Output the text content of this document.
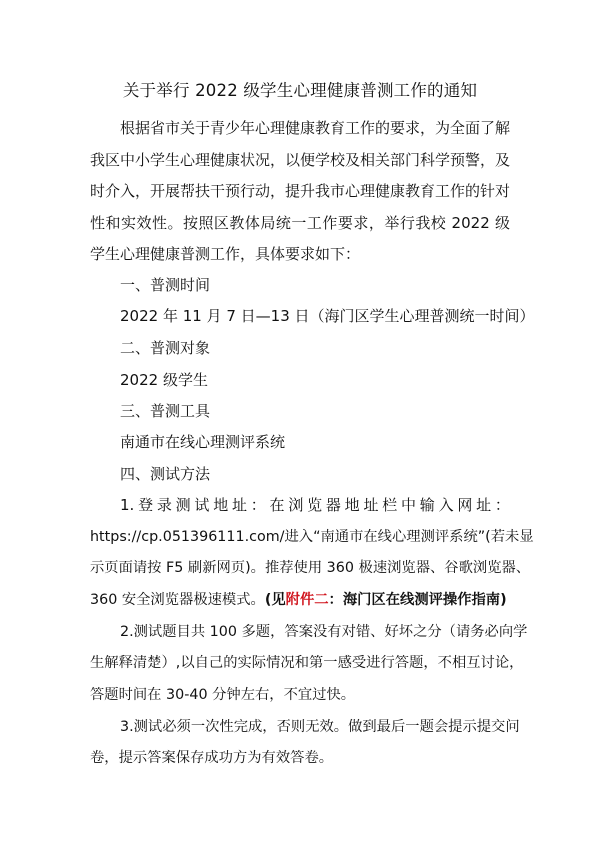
关于举行 2022 级学生心理健康普测工作的通知
根据省市关于青少年心理健康教育工作的要求，为全面了解我区中小学生心理健康状况，以便学校及相关部门科学预警，及时介入，开展帮扶干预行动，提升我市心理健康教育工作的针对性和实效性。按照区教体局统一工作要求，举行我校 2022 级学生心理健康普测工作，具体要求如下：
一、普测时间
2022 年 11 月 7 日—13 日（海门区学生心理普测统一时间）
二、普测对象
2022 级学生
三、普测工具
南通市在线心理测评系统
四、测试方法
1. 登 录 测 试 地 址 ： 在 浏 览 器 地 址 栏 中 输 入 网 址 ：
https://cp.051396111.com/进入“南通市在线心理测评系统”(若未显
示页面请按 F5 刷新网页)。推荐使用 360 极速浏览器、谷歌浏览器、
360 安全浏览器极速模式。(见附件二：海门区在线测评操作指南)
2.测试题目共 100 多题，答案没有对错、好坏之分（请务必向学
生解释清楚）,以自己的实际情况和第一感受进行答题，不相互讨论，
答题时间在 30-40 分钟左右，不宜过快。
3.测试必须一次性完成，否则无效。做到最后一题会提示提交问
卷，提示答案保存成功方为有效答卷。
